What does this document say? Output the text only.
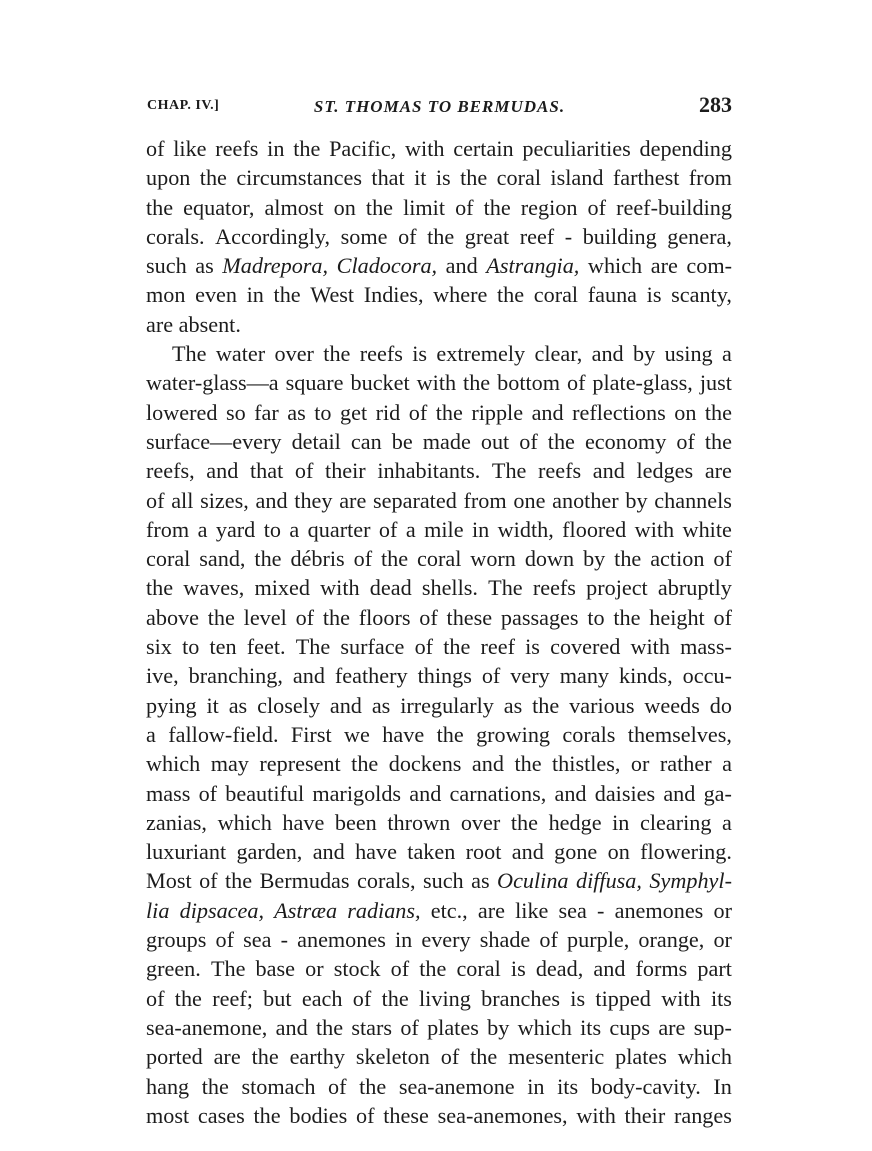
CHAP. IV.]	ST. THOMAS TO BERMUDAS.	283
of like reefs in the Pacific, with certain peculiarities depending
upon the circumstances that it is the coral island farthest from
the equator, almost on the limit of the region of reef-building
corals. Accordingly, some of the great reef - building genera,
such as Madrepora, Cladocora, and Astrangia, which are com-
mon even in the West Indies, where the coral fauna is scanty,
are
absent.
The water over the reefs is extremely clear, and by using a
water-glass—a square bucket with the bottom of plate-glass, just
lowered so far as to get rid of the ripple and reflections on the
surface—every detail can be made out of the economy of the
reefs, and that of their inhabitants. The reefs and ledges are
of all sizes, and they are separated from one another by channels
from a yard to a quarter of a mile in width, floored with white
coral sand, the débris of the coral worn down by the action of
the waves, mixed with dead shells. The reefs project abruptly
above the level of the floors of these passages to the height of
six to ten feet. The surface of the reef is covered with mass-
ive, branching, and feathery things of very many kinds, occu-
pying it as closely and as irregularly as the various weeds do
a fallow-field. First we have the growing corals themselves,
which may represent the dockens and the thistles, or rather a
mass of beautiful marigolds and carnations, and daisies and ga-
zanias, which have been thrown over the hedge in clearing a
luxuriant garden, and have taken root and gone on flowering.
Most of the Bermudas corals, such as Oculina diffusa, Symphyl-
lia dipsacea, Astræa radians, etc., are like sea - anemones or
groups of sea - anemones in every shade of purple, orange, or
green. The base or stock of the coral is dead, and forms part
of the reef; but each of the living branches is tipped with its
sea-anemone, and the stars of plates by which its cups are sup-
ported are the earthy skeleton of the mesenteric plates which
hang the stomach of the sea-anemone in its body-cavity. In
most cases the bodies of these sea-anemones, with their ranges
